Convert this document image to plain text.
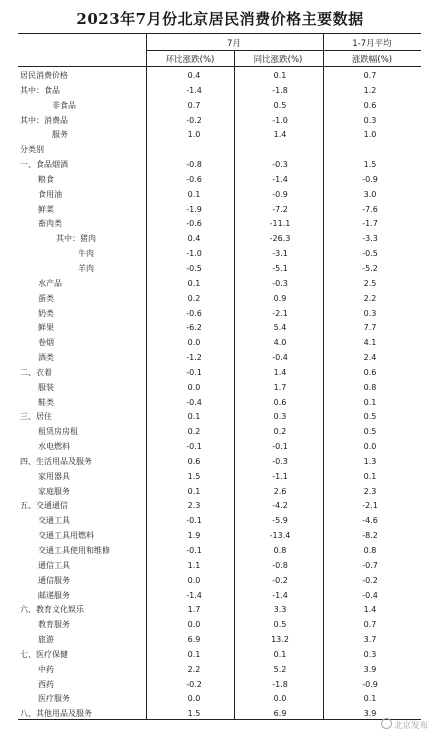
2023年7月份北京居民消费价格主要数据
7月	1-7月平均
环比涨跌(%)	同比涨跌(%)	涨跌幅(%)
居民消费价格	0.4	0.1	0.7
其中：食品	-1.4	-1.8	1.2
非食品	0.7	0.5	0.6
其中：消费品	-0.2	-1.0	0.3
服务	1.0	1.4	1.0
分类别
一、食品烟酒	-0.8	-0.3	1.5
粮食	-0.6	-1.4	-0.9
食用油	0.1	-0.9	3.0
鲜菜	-1.9	-7.2	-7.6
畜肉类	-0.6	-11.1	-1.7
其中：猪肉	0.4	-26.3	-3.3
牛肉	-1.0	-3.1	-0.5
羊肉	-0.5	-5.1	-5.2
水产品	0.1	-0.3	2.5
蛋类	0.2	0.9	2.2
奶类	-0.6	-2.1	0.3
鲜果	-6.2	5.4	7.7
卷烟	0.0	4.0	4.1
酒类	-1.2	-0.4	2.4
二、衣着	-0.1	1.4	0.6
服装	0.0	1.7	0.8
鞋类	-0.4	0.6	0.1
三、居住	0.1	0.3	0.5
租赁房房租	0.2	0.2	0.5
水电燃料	-0.1	-0.1	0.0
四、生活用品及服务	0.6	-0.3	1.3
家用器具	1.5	-1.1	0.1
家庭服务	0.1	2.6	2.3
五、交通通信	2.3	-4.2	-2.1
交通工具	-0.1	-5.9	-4.6
交通工具用燃料	1.9	-13.4	-8.2
交通工具使用和维修	-0.1	0.8	0.8
通信工具	1.1	-0.8	-0.7
通信服务	0.0	-0.2	-0.2
邮递服务	-1.4	-1.4	-0.4
六、教育文化娱乐	1.7	3.3	1.4
教育服务	0.0	0.5	0.7
旅游	6.9	13.2	3.7
七、医疗保健	0.1	0.1	0.3
中药	2.2	5.2	3.9
西药	-0.2	-1.8	-0.9
医疗服务	0.0	0.0	0.1
八、其他用品及服务	1.5	6.9	3.9
北京发布
